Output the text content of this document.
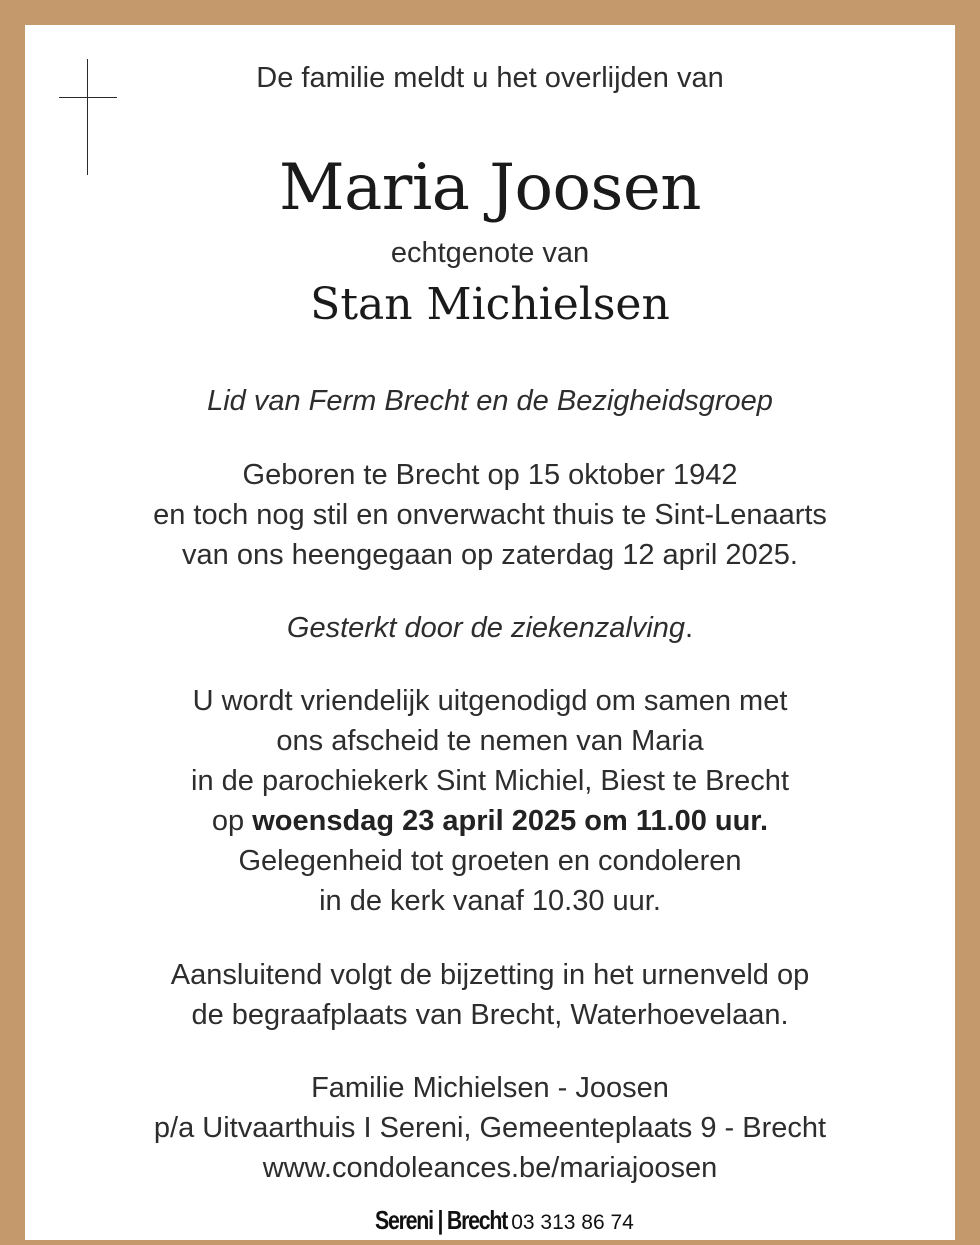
De familie meldt u het overlijden van
Maria Joosen
echtgenote van
Stan Michielsen
Lid van Ferm Brecht en de Bezigheidsgroep
Geboren te Brecht op 15 oktober 1942
en toch nog stil en onverwacht thuis te Sint-Lenaarts
van ons heengegaan op zaterdag 12 april 2025.
Gesterkt door de ziekenzalving.
U wordt vriendelijk uitgenodigd om samen met
ons afscheid te nemen van Maria
in de parochiekerk Sint Michiel, Biest te Brecht
op woensdag 23 april 2025 om 11.00 uur.
Gelegenheid tot groeten en condoleren
in de kerk vanaf 10.30 uur.
Aansluitend volgt de bijzetting in het urnenveld op
de begraafplaats van Brecht, Waterhoevelaan.
Familie Michielsen - Joosen
p/a Uitvaarthuis I Sereni, Gemeenteplaats 9 - Brecht
www.condoleances.be/mariajoosen
Sereni | Brecht 03 313 86 74
